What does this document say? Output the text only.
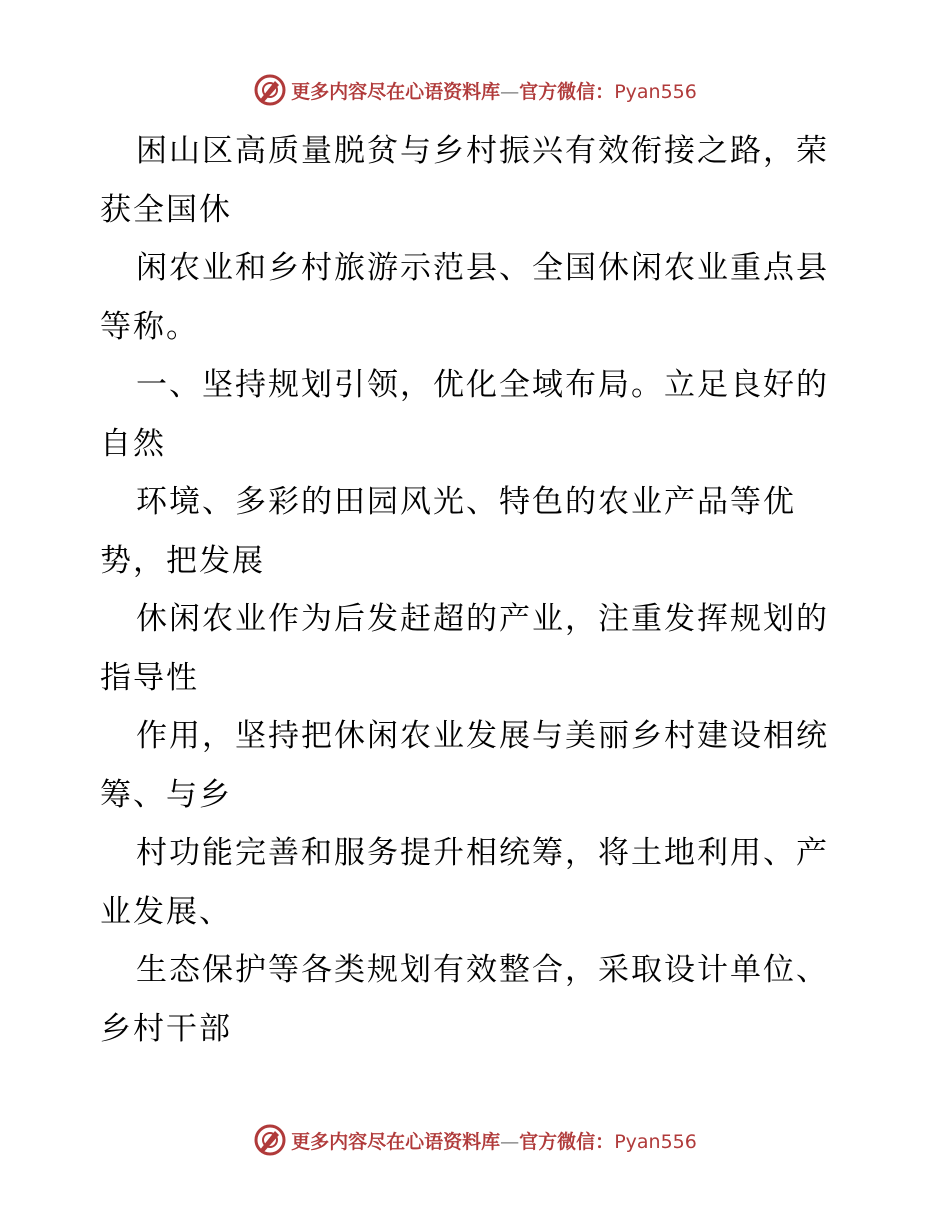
更多内容尽在心语资料库—官方微信：Pyan556
困山区高质量脱贫与乡村振兴有效衔接之路，荣
获全国休
闲农业和乡村旅游示范县、全国休闲农业重点县
等称。
一、坚持规划引领，优化全域布局。立足良好的
自然
环境、多彩的田园风光、特色的农业产品等优
势，把发展
休闲农业作为后发赶超的产业，注重发挥规划的
指导性
作用，坚持把休闲农业发展与美丽乡村建设相统
筹、与乡
村功能完善和服务提升相统筹，将土地利用、产
业发展、
生态保护等各类规划有效整合，采取设计单位、
乡村干部
更多内容尽在心语资料库—官方微信：Pyan556
